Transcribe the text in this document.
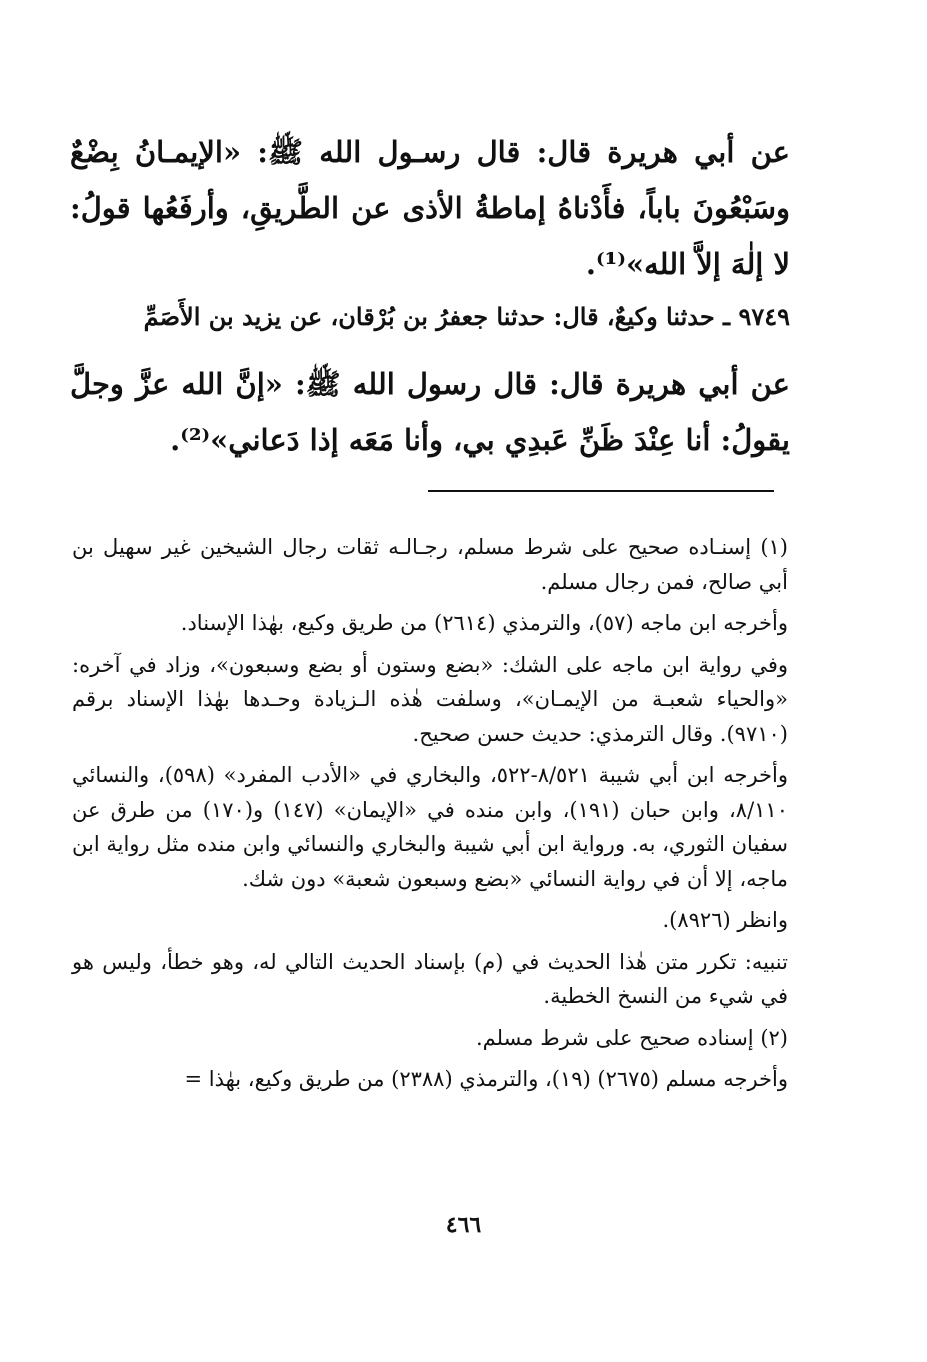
عن أبي هريرة قال: قال رسـول الله ﷺ: «الإيمـانُ بِضْعٌ وسَبْعُونَ باباً، فأَدْناهُ إماطةُ الأذى عن الطَّريقِ، وأرفَعُها قولُ: لا إلٰهَ إلاَّ الله»⁽¹⁾.

٩٧٤٩ ـ حدثنا وكيعٌ، قال: حدثنا جعفرُ بن بُرْقان، عن يزيد بن الأَصَمِّ

عن أبي هريرة قال: قال رسول الله ﷺ: «إنَّ الله عزَّ وجلَّ يقولُ: أنا عِنْدَ ظَنِّ عَبدِي بي، وأنا مَعَه إذا دَعاني»⁽²⁾.

(١) إسنـاده صحيح على شرط مسلم، رجـالـه ثقات رجال الشيخين غير سهيل بن أبي صالح، فمن رجال مسلم.

وأخرجه ابن ماجه (٥٧)، والترمذي (٢٦١٤) من طريق وكيع، بهٰذا الإسناد.

وفي رواية ابن ماجه على الشك: «بضع وستون أو بضع وسبعون»، وزاد في آخره: «والحياء شعبـة من الإيمـان»، وسلفت هٰذه الـزيادة وحـدها بهٰذا الإسناد برقم (٩٧١٠). وقال الترمذي: حديث حسن صحيح.

وأخرجه ابن أبي شيبة ٨/٥٢١-٥٢٢، والبخاري في «الأدب المفرد» (٥٩٨)، والنسائي ٨/١١٠، وابن حبان (١٩١)، وابن منده في «الإيمان» (١٤٧) و(١٧٠) من طرق عن سفيان الثوري، به. ورواية ابن أبي شيبة والبخاري والنسائي وابن منده مثل رواية ابن ماجه، إلا أن في رواية النسائي «بضع وسبعون شعبة» دون شك.

وانظر (٨٩٢٦).

تنبيه: تكرر متن هٰذا الحديث في (م) بإسناد الحديث التالي له، وهو خطأ، وليس هو في شيء من النسخ الخطية.

(٢) إسناده صحيح على شرط مسلم.

وأخرجه مسلم (٢٦٧٥) (١٩)، والترمذي (٢٣٨٨) من طريق وكيع، بهٰذا =

٤٦٦
